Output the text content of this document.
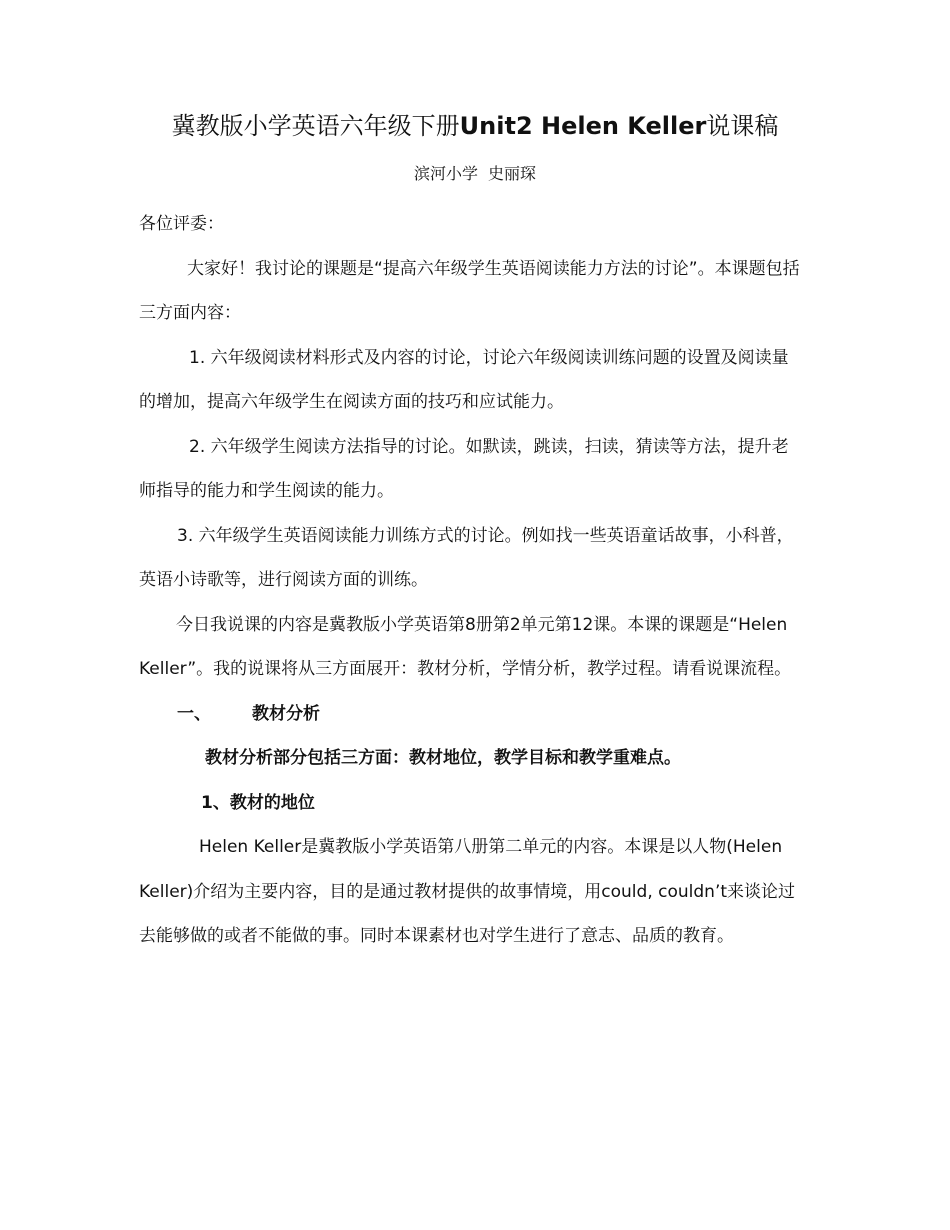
冀教版小学英语六年级下册Unit2 Helen Keller说课稿
滨河小学 史丽琛

各位评委：

大家好！我讨论的课题是“提高六年级学生英语阅读能力方法的讨论”。本课题包括三方面内容：

1. 六年级阅读材料形式及内容的讨论，讨论六年级阅读训练问题的设置及阅读量的增加，提高六年级学生在阅读方面的技巧和应试能力。

2. 六年级学生阅读方法指导的讨论。如默读，跳读，扫读，猜读等方法，提升老师指导的能力和学生阅读的能力。

3. 六年级学生英语阅读能力训练方式的讨论。例如找一些英语童话故事，小科普，英语小诗歌等，进行阅读方面的训练。

今日我说课的内容是冀教版小学英语第8册第2单元第12课。本课的课题是“Helen Keller”。我的说课将从三方面展开：教材分析，学情分析，教学过程。请看说课流程。

一、 教材分析

教材分析部分包括三方面：教材地位，教学目标和教学重难点。

1、教材的地位

Helen Keller是冀教版小学英语第八册第二单元的内容。本课是以人物(Helen Keller)介绍为主要内容，目的是通过教材提供的故事情境，用could, couldn’t来谈论过去能够做的或者不能做的事。同时本课素材也对学生进行了意志、品质的教育。
